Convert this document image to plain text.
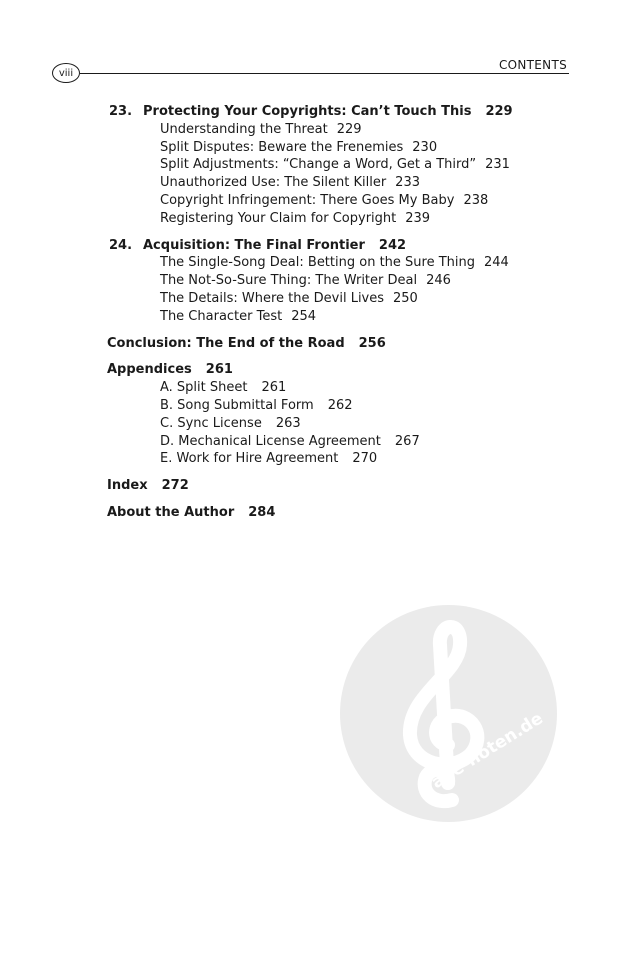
viii
CONTENTS
23. Protecting Your Copyrights: Can’t Touch This 229
Understanding the Threat 229
Split Disputes: Beware the Frenemies 230
Split Adjustments: “Change a Word, Get a Third” 231
Unauthorized Use: The Silent Killer 233
Copyright Infringement: There Goes My Baby 238
Registering Your Claim for Copyright 239
24. Acquisition: The Final Frontier 242
The Single-Song Deal: Betting on the Sure Thing 244
The Not-So-Sure Thing: The Writer Deal 246
The Details: Where the Devil Lives 250
The Character Test 254
Conclusion: The End of the Road 256
Appendices 261
A. Split Sheet 261
B. Song Submittal Form 262
C. Sync License 263
D. Mechanical License Agreement 267
E. Work for Hire Agreement 270
Index 272
About the Author 284
alle-noten.de
